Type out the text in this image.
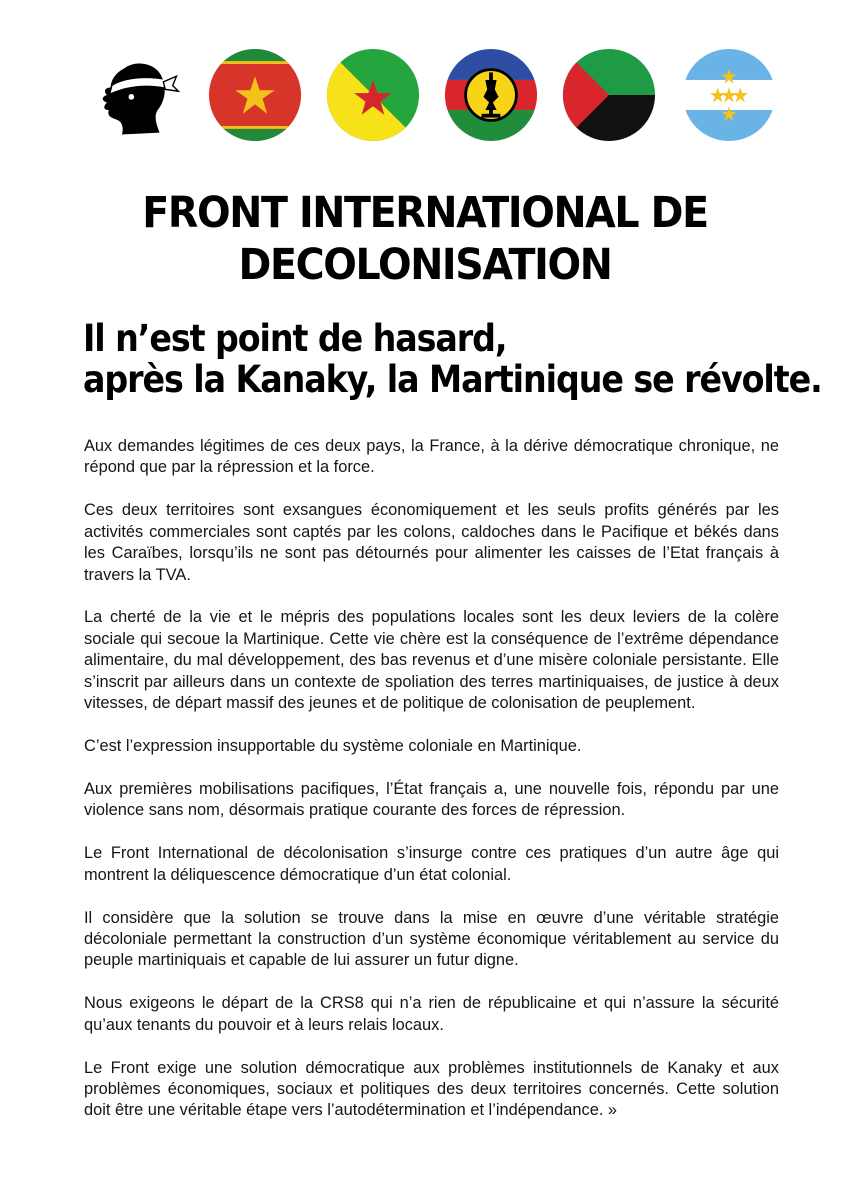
FRONT INTERNATIONAL DE DECOLONISATION
Il n’est point de hasard,
après la Kanaky, la Martinique se révolte.

Aux demandes légitimes de ces deux pays, la France, à la dérive démocratique chronique, ne répond que par la répression et la force.

Ces deux territoires sont exsangues économiquement et les seuls profits générés par les activités commerciales sont captés par les colons, caldoches dans le Pacifique et békés dans les Caraïbes, lorsqu’ils ne sont pas détournés pour alimenter les caisses de l’Etat français à travers la TVA.

La cherté de la vie et le mépris des populations locales sont les deux leviers de la colère sociale qui secoue la Martinique. Cette vie chère est la conséquence de l’extrême dépendance alimentaire, du mal développement, des bas revenus et d’une misère coloniale persistante. Elle s’inscrit par ailleurs dans un contexte de spoliation des terres martiniquaises, de justice à deux vitesses, de départ massif des jeunes et de politique de colonisation de peuplement.

C’est l’expression insupportable du système coloniale en Martinique.

Aux premières mobilisations pacifiques, l’État français a, une nouvelle fois, répondu par une violence sans nom, désormais pratique courante des forces de répression.

Le Front International de décolonisation s’insurge contre ces pratiques d’un autre âge qui montrent la déliquescence démocratique d’un état colonial.

Il considère que la solution se trouve dans la mise en œuvre d’une véritable stratégie décoloniale permettant la construction d’un système économique véritablement au service du peuple martiniquais et capable de lui assurer un futur digne.

Nous exigeons le départ de la CRS8 qui n’a rien de républicaine et qui n’assure la sécurité qu’aux tenants du pouvoir et à leurs relais locaux.

Le Front exige une solution démocratique aux problèmes institutionnels de Kanaky et aux problèmes économiques, sociaux et politiques des deux territoires concernés. Cette solution doit être une véritable étape vers l’autodétermination et l’indépendance. »
